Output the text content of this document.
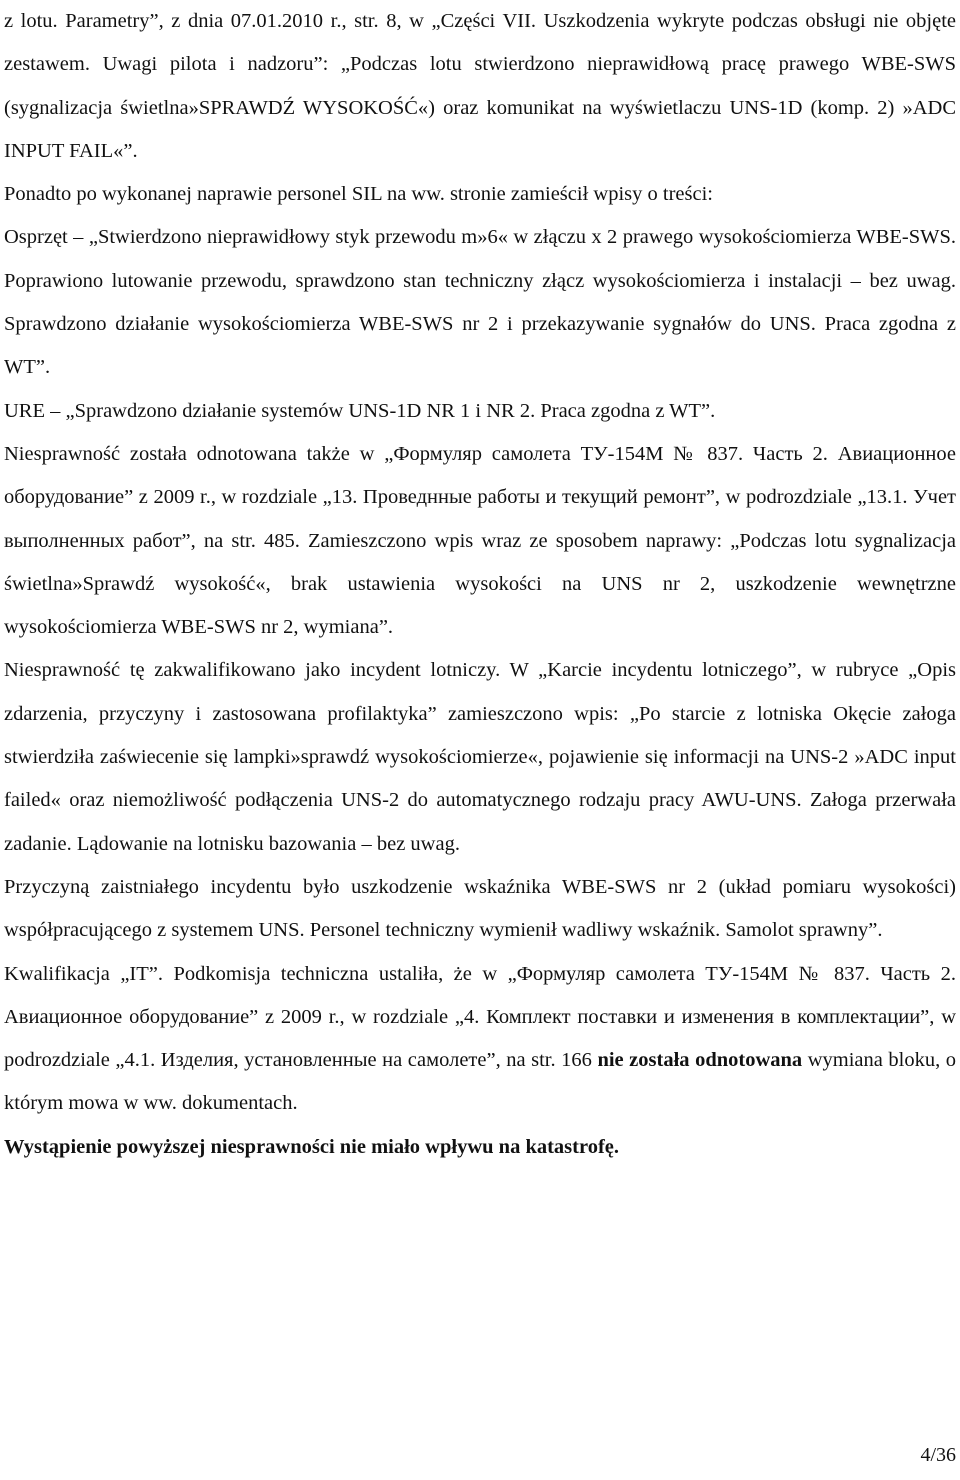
z lotu. Parametry”, z dnia 07.01.2010 r., str. 8, w „Części VII. Uszkodzenia wykryte podczas obsługi nie objęte zestawem. Uwagi pilota i nadzoru”: „Podczas lotu stwierdzono nieprawidłową pracę prawego WBE-SWS (sygnalizacja świetlna»SPRAWDŹ WYSOKOŚĆ«) oraz komunikat na wyświetlaczu UNS-1D (komp. 2) »ADC INPUT FAIL«”.

Ponadto po wykonanej naprawie personel SIL na ww. stronie zamieścił wpisy o treści:

Osprzęt – „Stwierdzono nieprawidłowy styk przewodu m»6« w złączu x 2 prawego wysokościomierza WBE-SWS. Poprawiono lutowanie przewodu, sprawdzono stan techniczny złącz wysokościomierza i instalacji – bez uwag. Sprawdzono działanie wysokościomierza WBE-SWS nr 2 i przekazywanie sygnałów do UNS. Praca zgodna z WT”.

URE – „Sprawdzono działanie systemów UNS-1D NR 1 i NR 2. Praca zgodna z WT”.

Niesprawność została odnotowana także w „Формуляр самолета ТУ-154М № 837. Часть 2. Авиационное оборудование” z 2009 r., w rozdziale „13. Проведнные работы и текущий ремонт”, w podrozdziale „13.1. Учет выполненных работ”, na str. 485. Zamieszczono wpis wraz ze sposobem naprawy: „Podczas lotu sygnalizacja świetlna»Sprawdź wysokość«, brak ustawienia wysokości na UNS nr 2, uszkodzenie wewnętrzne wysokościomierza WBE-SWS nr 2, wymiana”.

Niesprawność tę zakwalifikowano jako incydent lotniczy. W „Karcie incydentu lotniczego”, w rubryce „Opis zdarzenia, przyczyny i zastosowana profilaktyka” zamieszczono wpis: „Po starcie z lotniska Okęcie załoga stwierdziła zaświecenie się lampki»sprawdź wysokościomierze«, pojawienie się informacji na UNS-2 »ADC input failed« oraz niemożliwość podłączenia UNS-2 do automatycznego rodzaju pracy AWU-UNS. Załoga przerwała zadanie. Lądowanie na lotnisku bazowania – bez uwag.

Przyczyną zaistniałego incydentu było uszkodzenie wskaźnika WBE-SWS nr 2 (układ pomiaru wysokości) współpracującego z systemem UNS. Personel techniczny wymienił wadliwy wskaźnik. Samolot sprawny”.

Kwalifikacja „IT”. Podkomisja techniczna ustaliła, że w „Формуляр самолета ТУ-154М № 837. Часть 2. Авиационное оборудование” z 2009 r., w rozdziale „4. Комплект поставки и изменения в комплектации”, w podrozdziale „4.1. Изделия, установленные на самолете”, na str. 166 nie została odnotowana wymiana bloku, o którym mowa w ww. dokumentach.

Wystąpienie powyższej niesprawności nie miało wpływu na katastrofę.

4/36
